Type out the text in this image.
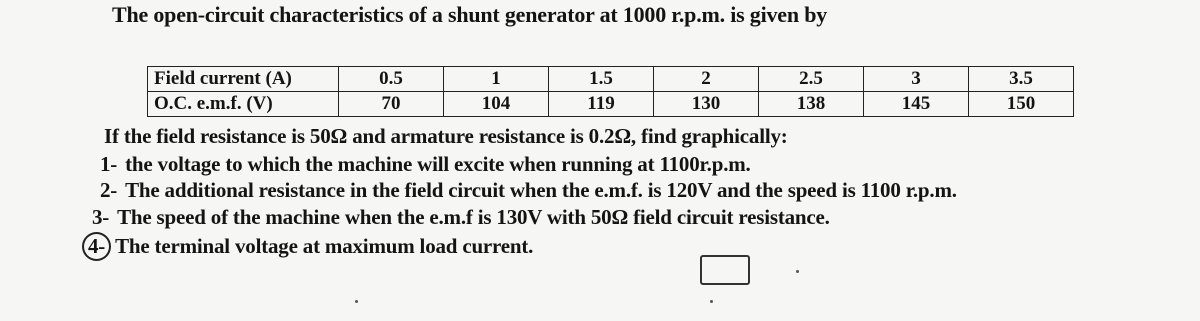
The open-circuit characteristics of a shunt generator at 1000 r.p.m. is given by
Field current (A)	0.5	1	1.5	2	2.5	3	3.5
O.C. e.m.f. (V)	70	104	119	130	138	145	150
If the field resistance is 50Ω and armature resistance is 0.2Ω, find graphically:
1- the voltage to which the machine will excite when running at 1100r.p.m.
2- The additional resistance in the field circuit when the e.m.f. is 120V and the speed is 1100 r.p.m.
3- The speed of the machine when the e.m.f is 130V with 50Ω field circuit resistance.
4- The terminal voltage at maximum load current.
